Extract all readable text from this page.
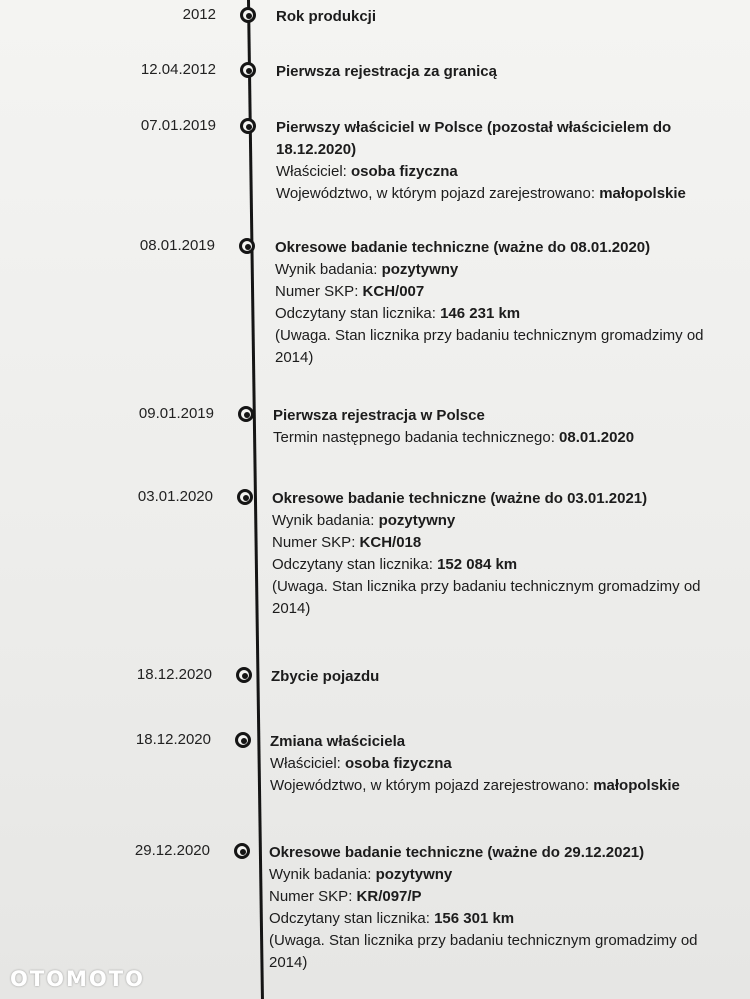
2012	Rok produkcji
12.04.2012	Pierwsza rejestracja za granicą
07.01.2019	Pierwszy właściciel w Polsce (pozostał właścicielem do 18.12.2020)
Właściciel: osoba fizyczna
Województwo, w którym pojazd zarejestrowano: małopolskie
08.01.2019	Okresowe badanie techniczne (ważne do 08.01.2020)
Wynik badania: pozytywny
Numer SKP: KCH/007
Odczytany stan licznika: 146 231 km
(Uwaga. Stan licznika przy badaniu technicznym gromadzimy od 2014)
09.01.2019	Pierwsza rejestracja w Polsce
Termin następnego badania technicznego: 08.01.2020
03.01.2020	Okresowe badanie techniczne (ważne do 03.01.2021)
Wynik badania: pozytywny
Numer SKP: KCH/018
Odczytany stan licznika: 152 084 km
(Uwaga. Stan licznika przy badaniu technicznym gromadzimy od 2014)
18.12.2020	Zbycie pojazdu
18.12.2020	Zmiana właściciela
Właściciel: osoba fizyczna
Województwo, w którym pojazd zarejestrowano: małopolskie
29.12.2020	Okresowe badanie techniczne (ważne do 29.12.2021)
Wynik badania: pozytywny
Numer SKP: KR/097/P
Odczytany stan licznika: 156 301 km
(Uwaga. Stan licznika przy badaniu technicznym gromadzimy od 2014)
OTOMOTO
